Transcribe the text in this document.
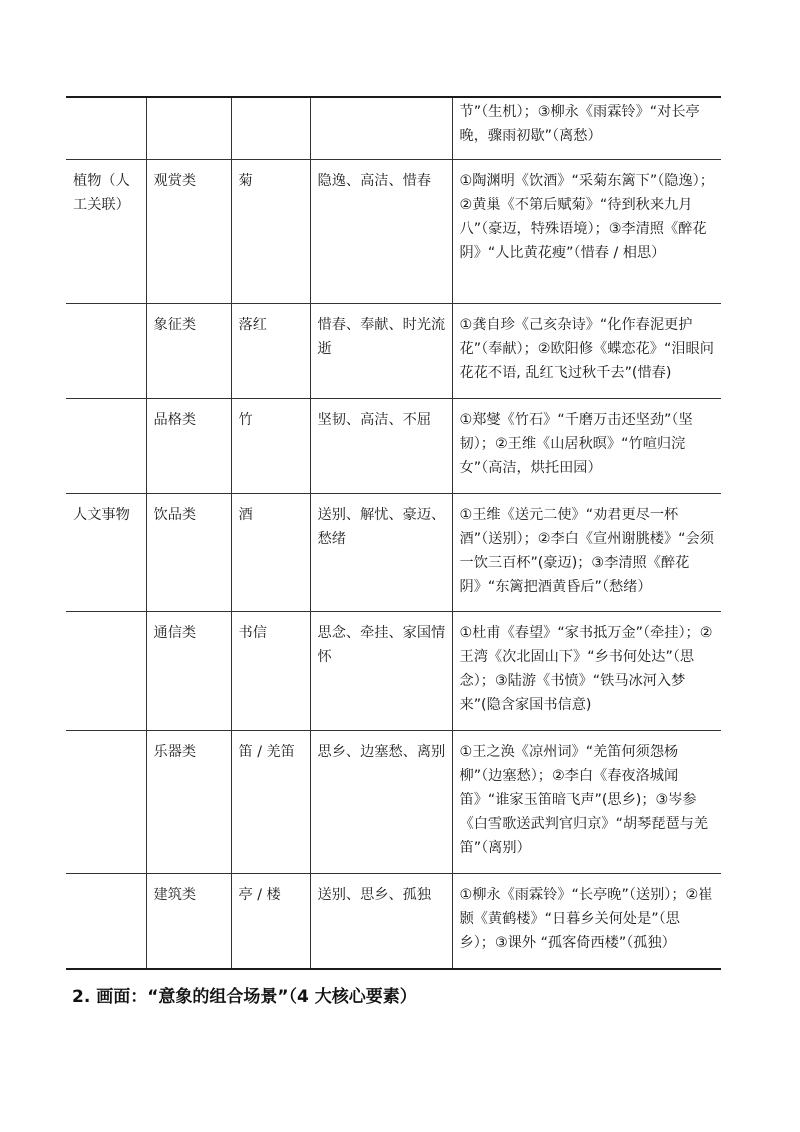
				节”（生机）；③柳永《雨霖铃》“对长亭晚，骤雨初歇”（离愁）
植物（人工关联）	观赏类	菊	隐逸、高洁、惜春	①陶渊明《饮酒》“采菊东篱下”（隐逸）；②黄巢《不第后赋菊》“待到秋来九月八”（豪迈，特殊语境）；③李清照《醉花阴》“人比黄花瘦”（惜春 / 相思）
	象征类	落红	惜春、奉献、时光流逝	①龚自珍《己亥杂诗》“化作春泥更护花”（奉献）；②欧阳修《蝶恋花》“泪眼问花花不语, 乱红飞过秋千去”(惜春)
	品格类	竹	坚韧、高洁、不屈	①郑燮《竹石》“千磨万击还坚劲”（坚韧）；②王维《山居秋暝》“竹喧归浣女”（高洁，烘托田园）
人文事物	饮品类	酒	送别、解忧、豪迈、愁绪	①王维《送元二使》“劝君更尽一杯酒”（送别）；②李白《宣州谢朓楼》“会须一饮三百杯”(豪迈)；③李清照《醉花阴》“东篱把酒黄昏后”（愁绪）
	通信类	书信	思念、牵挂、家国情怀	①杜甫《春望》“家书抵万金”（牵挂）；②王湾《次北固山下》“乡书何处达”（思念）；③陆游《书愤》“铁马冰河入梦来”(隐含家国书信意)
	乐器类	笛 / 羌笛	思乡、边塞愁、离别	①王之涣《凉州词》“羌笛何须怨杨柳”（边塞愁）；②李白《春夜洛城闻笛》“谁家玉笛暗飞声”(思乡)；③岑参《白雪歌送武判官归京》“胡琴琵琶与羌笛”（离别）
	建筑类	亭 / 楼	送别、思乡、孤独	①柳永《雨霖铃》“长亭晚”（送别）；②崔颢《黄鹤楼》“日暮乡关何处是”（思乡）；③课外 “孤客倚西楼”（孤独）
2. 画面：“意象的组合场景”（4 大核心要素）
